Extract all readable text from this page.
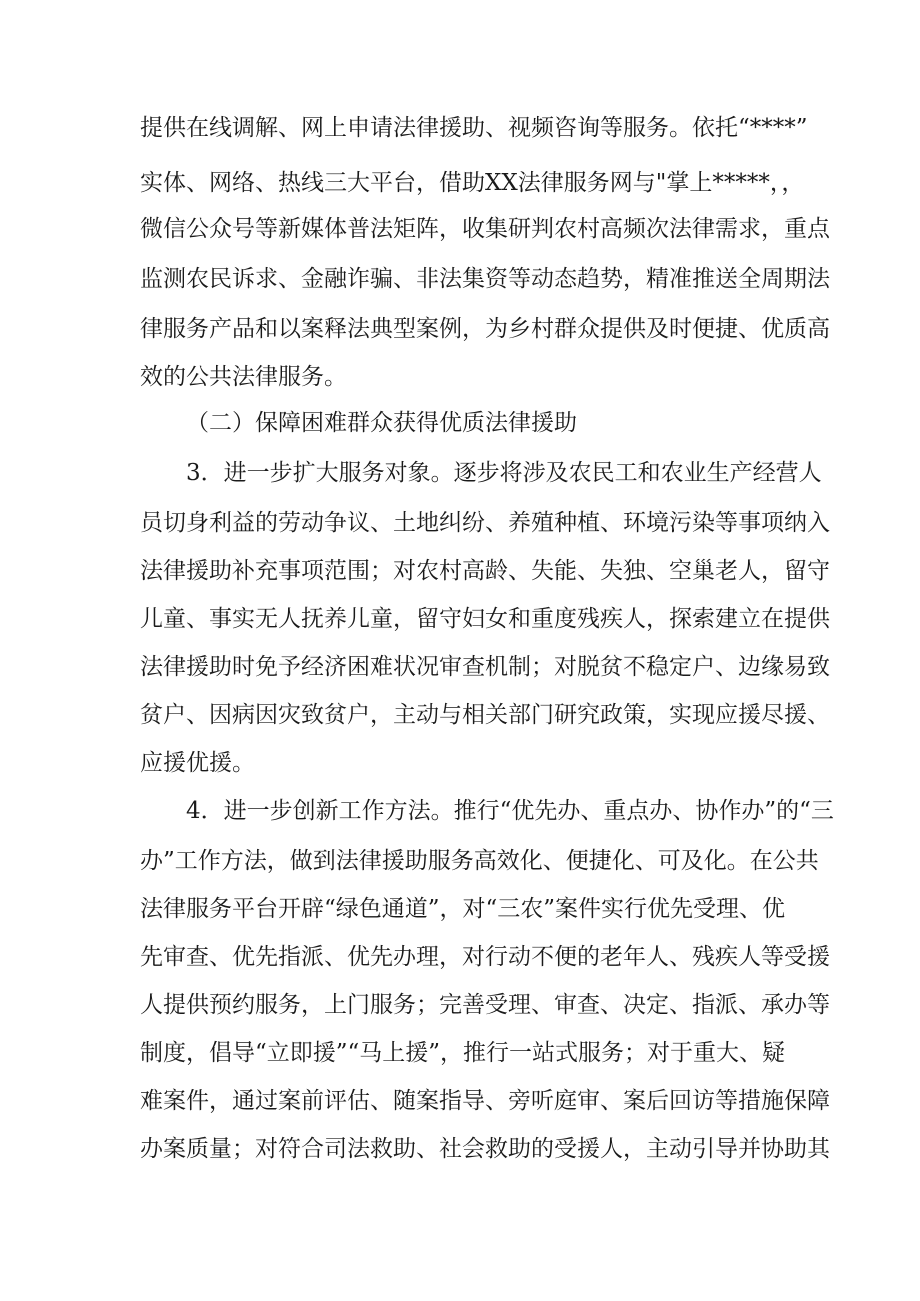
提供在线调解、网上申请法律援助、视频咨询等服务。依托“****”
实体、网络、热线三大平台，借助XX法律服务网与"掌上*****，，
微信公众号等新媒体普法矩阵，收集研判农村高频次法律需求，重点
监测农民诉求、金融诈骗、非法集资等动态趋势，精准推送全周期法
律服务产品和以案释法典型案例，为乡村群众提供及时便捷、优质高
效的公共法律服务。
（二）保障困难群众获得优质法律援助
3．进一步扩大服务对象。逐步将涉及农民工和农业生产经营人
员切身利益的劳动争议、土地纠纷、养殖种植、环境污染等事项纳入
法律援助补充事项范围；对农村高龄、失能、失独、空巢老人，留守
儿童、事实无人抚养儿童，留守妇女和重度残疾人，探索建立在提供
法律援助时免予经济困难状况审查机制；对脱贫不稳定户、边缘易致
贫户、因病因灾致贫户，主动与相关部门研究政策，实现应援尽援、
应援优援。
4．进一步创新工作方法。推行“优先办、重点办、协作办”的“三
办”工作方法，做到法律援助服务高效化、便捷化、可及化。在公共
法律服务平台开辟“绿色通道”，对“三农”案件实行优先受理、优
先审查、优先指派、优先办理，对行动不便的老年人、残疾人等受援
人提供预约服务，上门服务；完善受理、审查、决定、指派、承办等
制度，倡导“立即援”“马上援”，推行一站式服务；对于重大、疑
难案件，通过案前评估、随案指导、旁听庭审、案后回访等措施保障
办案质量；对符合司法救助、社会救助的受援人，主动引导并协助其
